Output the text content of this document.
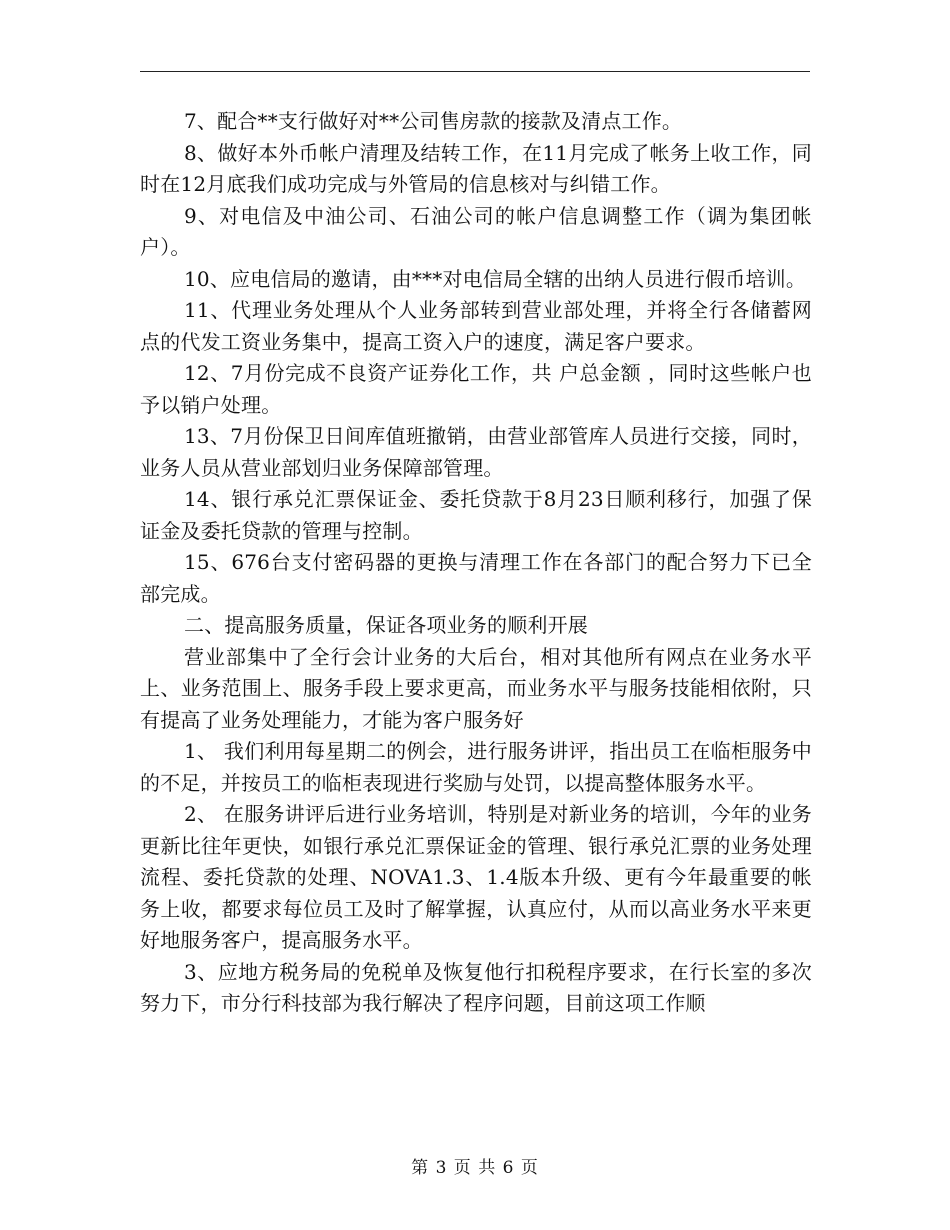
7、配合**支行做好对**公司售房款的接款及清点工作。

8、做好本外币帐户清理及结转工作，在11月完成了帐务上收工作，同时在12月底我们成功完成与外管局的信息核对与纠错工作。

9、对电信及中油公司、石油公司的帐户信息调整工作（调为集团帐户）。

10、应电信局的邀请，由***对电信局全辖的出纳人员进行假币培训。

11、代理业务处理从个人业务部转到营业部处理，并将全行各储蓄网点的代发工资业务集中，提高工资入户的速度，满足客户要求。

12、7月份完成不良资产证券化工作，共 户总金额 ，同时这些帐户也予以销户处理。

13、7月份保卫日间库值班撤销，由营业部管库人员进行交接，同时，业务人员从营业部划归业务保障部管理。

14、银行承兑汇票保证金、委托贷款于8月23日顺利移行，加强了保证金及委托贷款的管理与控制。

15、676台支付密码器的更换与清理工作在各部门的配合努力下已全部完成。

二、提高服务质量，保证各项业务的顺利开展

营业部集中了全行会计业务的大后台，相对其他所有网点在业务水平上、业务范围上、服务手段上要求更高，而业务水平与服务技能相依附，只有提高了业务处理能力，才能为客户服务好

1、 我们利用每星期二的例会，进行服务讲评，指出员工在临柜服务中的不足，并按员工的临柜表现进行奖励与处罚，以提高整体服务水平。

2、 在服务讲评后进行业务培训，特别是对新业务的培训，今年的业务更新比往年更快，如银行承兑汇票保证金的管理、银行承兑汇票的业务处理流程、委托贷款的处理、NOVA1.3、1.4版本升级、更有今年最重要的帐务上收，都要求每位员工及时了解掌握，认真应付，从而以高业务水平来更好地服务客户，提高服务水平。

3、应地方税务局的免税单及恢复他行扣税程序要求，在行长室的多次努力下，市分行科技部为我行解决了程序问题，目前这项工作顺

第 3 页 共 6 页
